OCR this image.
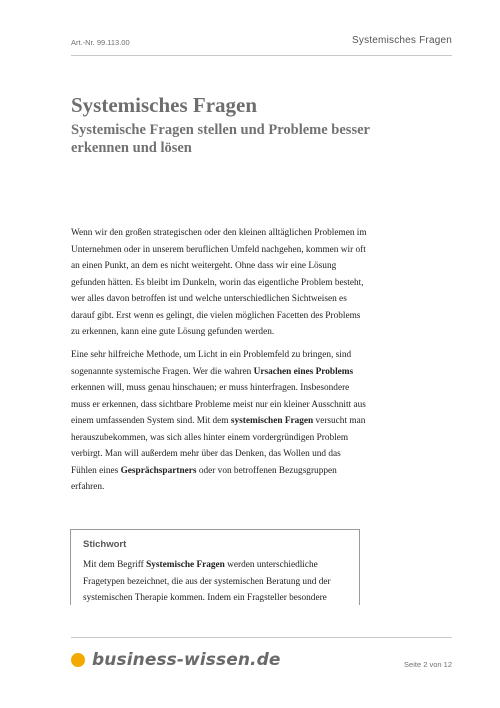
Art.-Nr. 99.113.00	Systemisches Fragen
Systemisches Fragen
Systemische Fragen stellen und Probleme besser erkennen und lösen

Wenn wir den großen strategischen oder den kleinen alltäglichen Problemen im Unternehmen oder in unserem beruflichen Umfeld nachgehen, kommen wir oft an einen Punkt, an dem es nicht weitergeht. Ohne dass wir eine Lösung gefunden hätten. Es bleibt im Dunkeln, worin das eigentliche Problem besteht, wer alles davon betroffen ist und welche unterschiedlichen Sichtweisen es darauf gibt. Erst wenn es gelingt, die vielen möglichen Facetten des Problems zu erkennen, kann eine gute Lösung gefunden werden.

Eine sehr hilfreiche Methode, um Licht in ein Problemfeld zu bringen, sind sogenannte systemische Fragen. Wer die wahren Ursachen eines Problems erkennen will, muss genau hinschauen; er muss hinterfragen. Insbesondere muss er erkennen, dass sichtbare Probleme meist nur ein kleiner Ausschnitt aus einem umfassenden System sind. Mit dem systemischen Fragen versucht man herauszubekommen, was sich alles hinter einem vordergründigen Problem verbirgt. Man will außerdem mehr über das Denken, das Wollen und das Fühlen eines Gesprächspartners oder von betroffenen Bezugsgruppen erfahren.

Stichwort
Mit dem Begriff Systemische Fragen werden unterschiedliche Fragetypen bezeichnet, die aus der systemischen Beratung und der systemischen Therapie kommen. Indem ein Fragsteller besondere
business-wissen.de	Seite 2 von 12
